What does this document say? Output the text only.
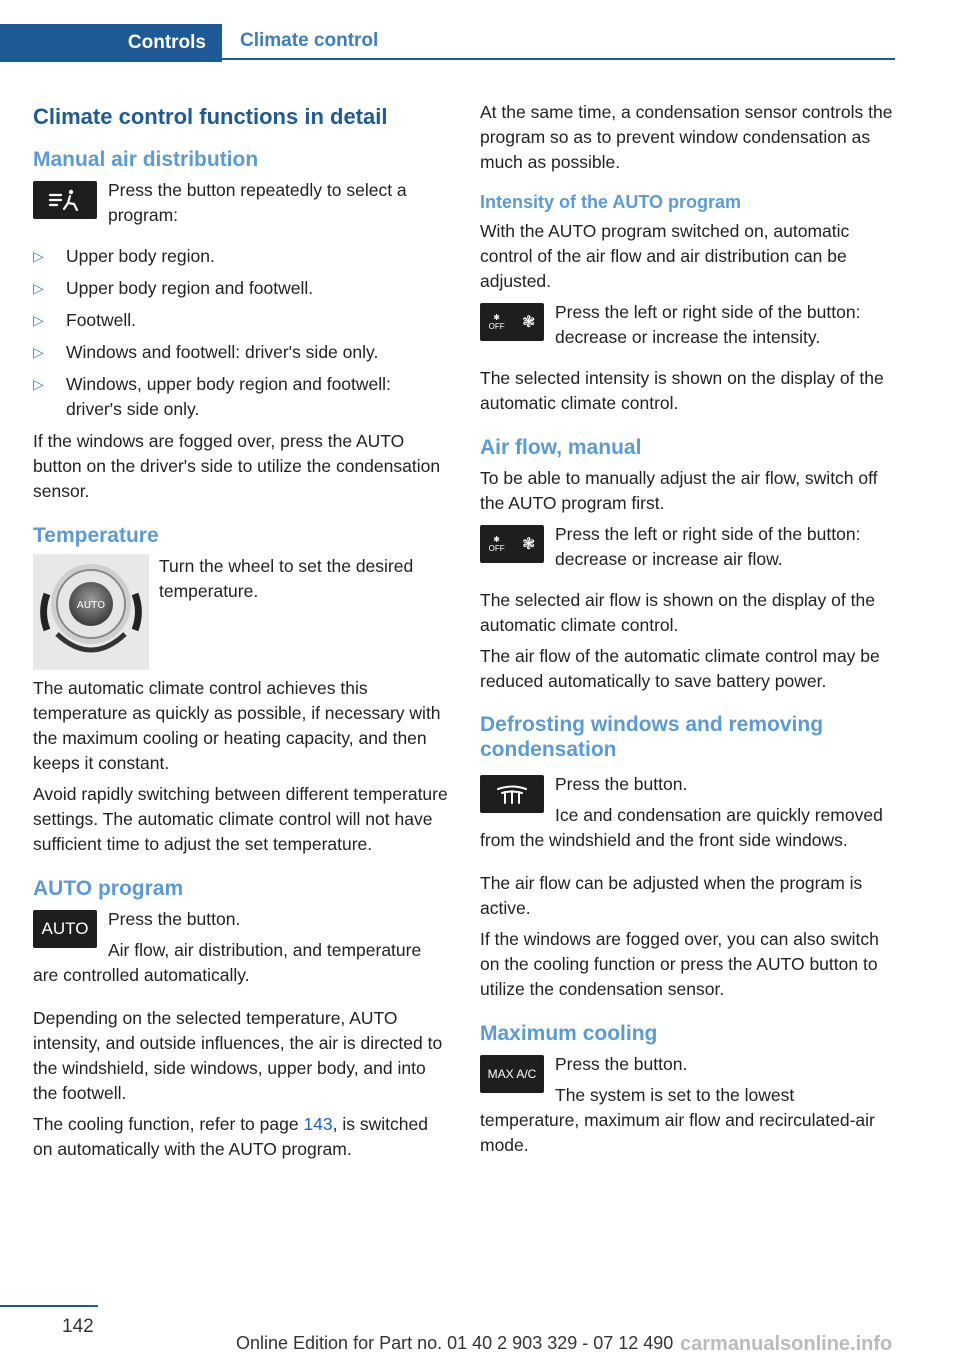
Controls	Climate control
Climate control functions in detail
Manual air distribution

Press the button repeatedly to select a program:

▷ Upper body region.
▷ Upper body region and footwell.
▷ Footwell.
▷ Windows and footwell: driver's side only.
▷ Windows, upper body region and footwell: driver's side only.

If the windows are fogged over, press the AUTO button on the driver's side to utilize the condensation sensor.

Temperature
AUTO

Turn the wheel to set the desired temperature.

The automatic climate control achieves this temperature as quickly as possible, if necessary with the maximum cooling or heating capacity, and then keeps it constant.

Avoid rapidly switching between different temperature settings. The automatic climate control will not have sufficient time to adjust the set temperature.

AUTO program
AUTO	Press the button.

Air flow, air distribution, and temperature are controlled automatically.

Depending on the selected temperature, AUTO intensity, and outside influences, the air is directed to the windshield, side windows, upper body, and into the footwell.

The cooling function, refer to page 143, is switched on automatically with the AUTO program.

At the same time, a condensation sensor controls the program so as to prevent window condensation as much as possible.

Intensity of the AUTO program

With the AUTO program switched on, automatic control of the air flow and air distribution can be adjusted.

✱
OFF ❃

Press the left or right side of the button: decrease or increase the intensity.

The selected intensity is shown on the display of the automatic climate control.

Air flow, manual

To be able to manually adjust the air flow, switch off the AUTO program first.

✱
OFF ❃

Press the left or right side of the button: decrease or increase air flow.

The selected air flow is shown on the display of the automatic climate control.

The air flow of the automatic climate control may be reduced automatically to save battery power.

Defrosting windows and removing condensation

Press the button.

Ice and condensation are quickly removed from the windshield and the front side windows.

The air flow can be adjusted when the program is active.

If the windows are fogged over, you can also switch on the cooling function or press the AUTO button to utilize the condensation sensor.

Maximum cooling
MAX A/C	Press the button.

The system is set to the lowest temperature, maximum air flow and recirculated-air mode.

142
Online Edition for Part no. 01 40 2 903 329 - 07 12 490 carmanualsonline.info
